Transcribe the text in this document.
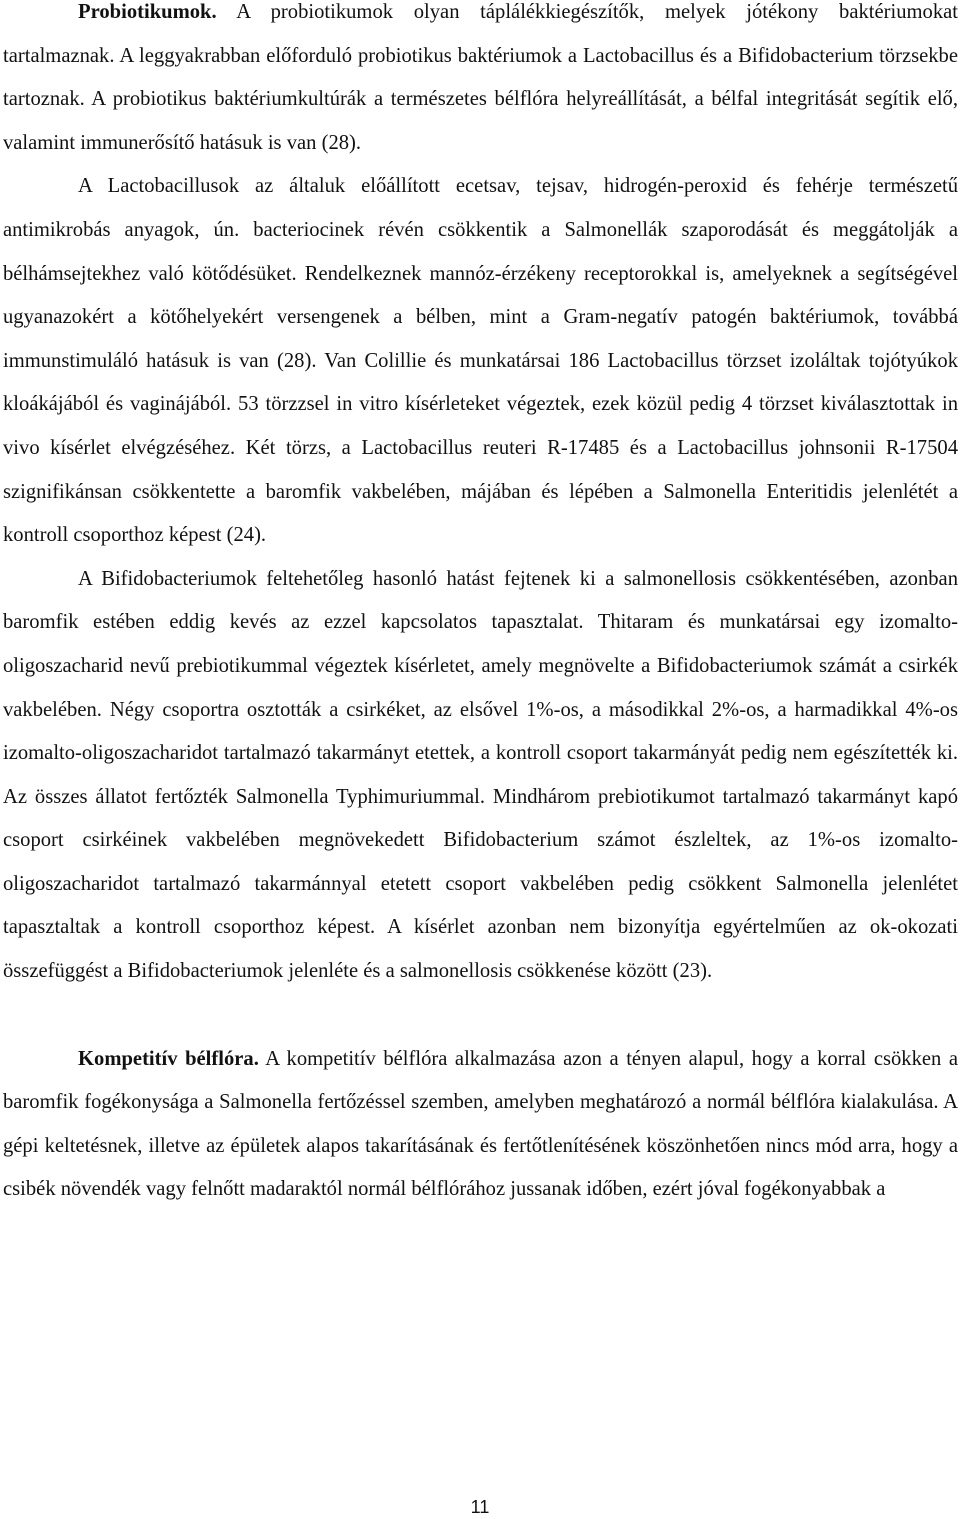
Probiotikumok. A probiotikumok olyan táplálékkiegészítők, melyek jótékony baktériumokat tartalmaznak. A leggyakrabban előforduló probiotikus baktériumok a Lactobacillus és a Bifidobacterium törzsekbe tartoznak. A probiotikus baktériumkultúrák a természetes bélflóra helyreállítását, a bélfal integritását segítik elő, valamint immunerősítő hatásuk is van (28).

A Lactobacillusok az általuk előállított ecetsav, tejsav, hidrogén-peroxid és fehérje természetű antimikrobás anyagok, ún. bacteriocinek révén csökkentik a Salmonellák szaporodását és meggátolják a bélhámsejtekhez való kötődésüket. Rendelkeznek mannóz-érzékeny receptorokkal is, amelyeknek a segítségével ugyanazokért a kötőhelyekért versengenek a bélben, mint a Gram-negatív patogén baktériumok, továbbá immunstimuláló hatásuk is van (28). Van Colillie és munkatársai 186 Lactobacillus törzset izoláltak tojótyúkok kloákájából és vaginájából. 53 törzzsel in vitro kísérleteket végeztek, ezek közül pedig 4 törzset kiválasztottak in vivo kísérlet elvégzéséhez. Két törzs, a Lactobacillus reuteri R-17485 és a Lactobacillus johnsonii R-17504 szignifikánsan csökkentette a baromfik vakbelében, májában és lépében a Salmonella Enteritidis jelenlétét a kontroll csoporthoz képest (24).

A Bifidobacteriumok feltehetőleg hasonló hatást fejtenek ki a salmonellosis csökkentésében, azonban baromfik estében eddig kevés az ezzel kapcsolatos tapasztalat. Thitaram és munkatársai egy izomalto-oligoszacharid nevű prebiotikummal végeztek kísérletet, amely megnövelte a Bifidobacteriumok számát a csirkék vakbelében. Négy csoportra osztották a csirkéket, az elsővel 1%-os, a másodikkal 2%-os, a harmadikkal 4%-os izomalto-oligoszacharidot tartalmazó takarmányt etettek, a kontroll csoport takarmányát pedig nem egészítették ki. Az összes állatot fertőzték Salmonella Typhimuriummal. Mindhárom prebiotikumot tartalmazó takarmányt kapó csoport csirkéinek vakbelében megnövekedett Bifidobacterium számot észleltek, az 1%-os izomalto-oligoszacharidot tartalmazó takarmánnyal etetett csoport vakbelében pedig csökkent Salmonella jelenlétet tapasztaltak a kontroll csoporthoz képest. A kísérlet azonban nem bizonyítja egyértelműen az ok-okozati összefüggést a Bifidobacteriumok jelenléte és a salmonellosis csökkenése között (23).

Kompetitív bélflóra. A kompetitív bélflóra alkalmazása azon a tényen alapul, hogy a korral csökken a baromfik fogékonysága a Salmonella fertőzéssel szemben, amelyben meghatározó a normál bélflóra kialakulása. A gépi keltetésnek, illetve az épületek alapos takarításának és fertőtlenítésének köszönhetően nincs mód arra, hogy a csibék növendék vagy felnőtt madaraktól normál bélflórához jussanak időben, ezért jóval fogékonyabbak a

11
